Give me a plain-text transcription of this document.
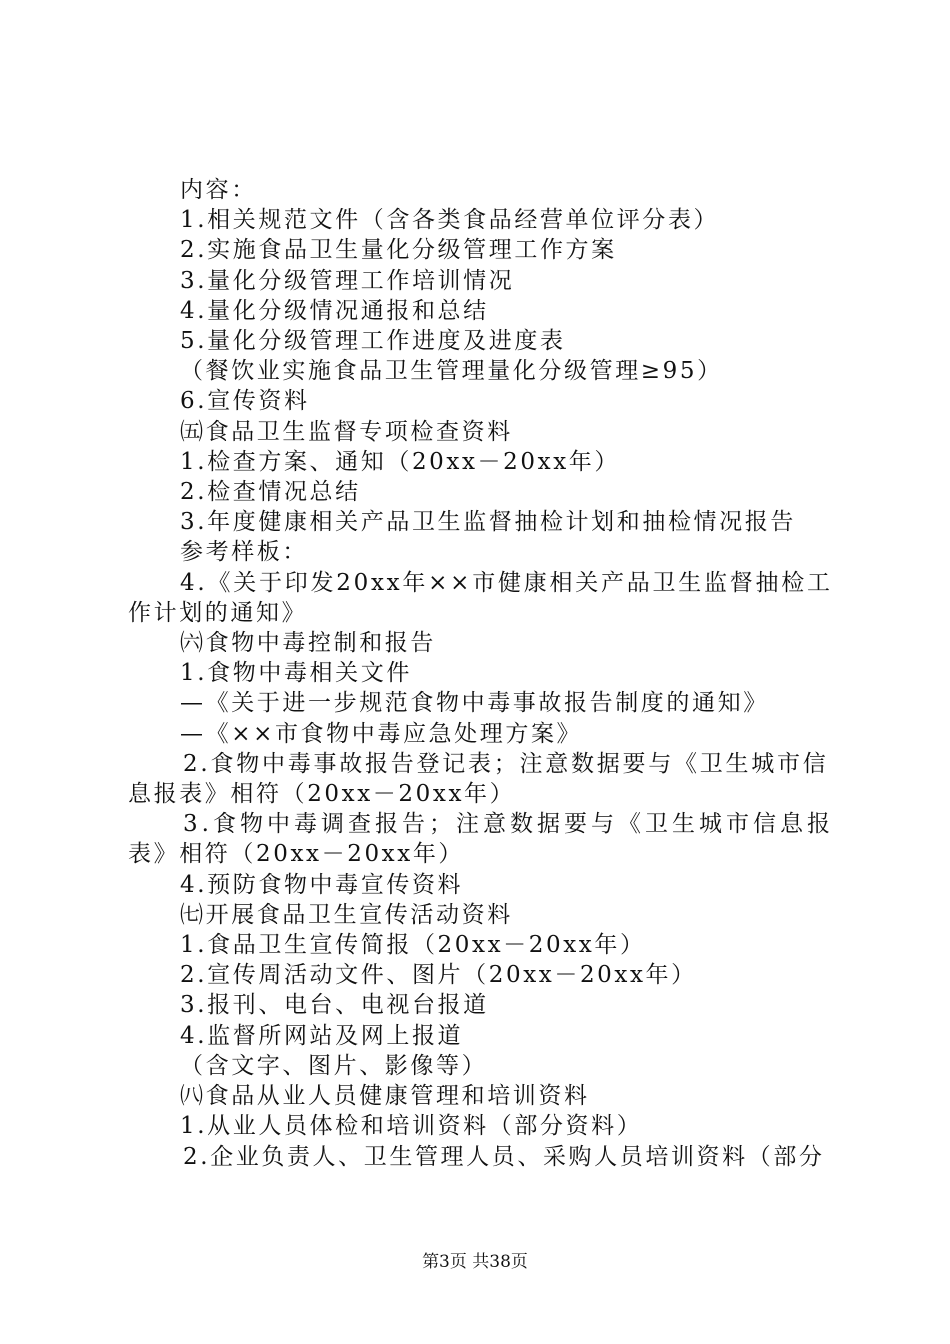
内容：

1.相关规范文件（含各类食品经营单位评分表）

2.实施食品卫生量化分级管理工作方案

3.量化分级管理工作培训情况

4.量化分级情况通报和总结

5.量化分级管理工作进度及进度表

（餐饮业实施食品卫生管理量化分级管理≥95）

6.宣传资料

㈤食品卫生监督专项检查资料

1.检查方案、通知（20xx－20xx年）

2.检查情况总结

3.年度健康相关产品卫生监督抽检计划和抽检情况报告

参考样板：

4.《关于印发20xx年××市健康相关产品卫生监督抽检工

作计划的通知》

㈥食物中毒控制和报告

1.食物中毒相关文件

—《关于进一步规范食物中毒事故报告制度的通知》

—《××市食物中毒应急处理方案》

2.食物中毒事故报告登记表；注意数据要与《卫生城市信

息报表》相符（20xx－20xx年）

3.食物中毒调查报告；注意数据要与《卫生城市信息报

表》相符（20xx－20xx年）

4.预防食物中毒宣传资料

㈦开展食品卫生宣传活动资料

1.食品卫生宣传简报（20xx－20xx年）

2.宣传周活动文件、图片（20xx－20xx年）

3.报刊、电台、电视台报道

4.监督所网站及网上报道

（含文字、图片、影像等）

㈧食品从业人员健康管理和培训资料

1.从业人员体检和培训资料（部分资料）

2.企业负责人、卫生管理人员、采购人员培训资料（部分

第3页 共38页
